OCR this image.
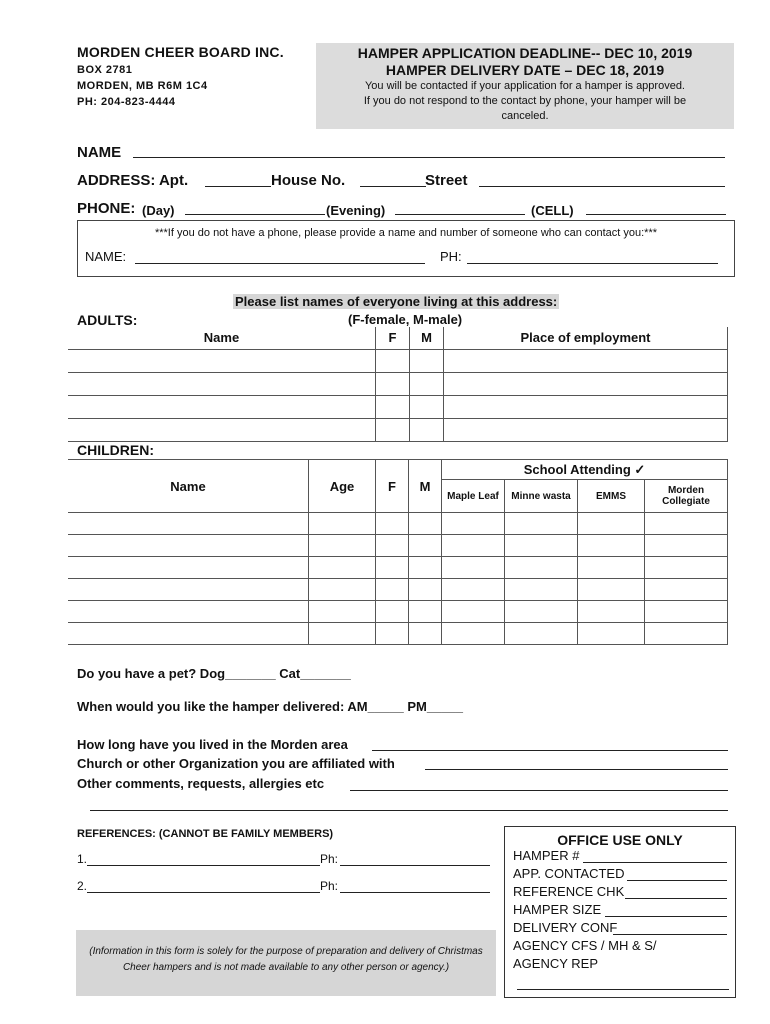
MORDEN CHEER BOARD INC.
BOX 2781
MORDEN, MB R6M 1C4
PH: 204-823-4444
HAMPER APPLICATION DEADLINE-- DEC 10, 2019
HAMPER DELIVERY DATE – DEC 18, 2019
You will be contacted if your application for a hamper is approved.
If you do not respond to the contact by phone, your hamper will be
canceled.
NAME
ADDRESS: Apt.	House No.	Street
PHONE: (Day)	(Evening)	(CELL)
***If you do not have a phone, please provide a name and number of someone who can contact you:***
NAME:	PH:
Please list names of everyone living at this address:
ADULTS:	(F-female, M-male)
Name	F	M	Place of employment

CHILDREN:
Name	Age	F	M	School Attending ✓			
				Maple Leaf	Minne wasta	EMMS	Morden Collegiate

Do you have a pet? Dog_______ Cat_______
When would you like the hamper delivered: AM_____ PM_____
How long have you lived in the Morden area
Church or other Organization you are affiliated with
Other comments, requests, allergies etc
REFERENCES: (CANNOT BE FAMILY MEMBERS)
1.	Ph:
2.	Ph:
(Information in this form is solely for the purpose of preparation and delivery of Christmas Cheer hampers and is not made available to any other person or agency.)
OFFICE USE ONLY
HAMPER #
APP. CONTACTED
REFERENCE CHK
HAMPER SIZE
DELIVERY CONF
AGENCY CFS / MH & S/
AGENCY REP
